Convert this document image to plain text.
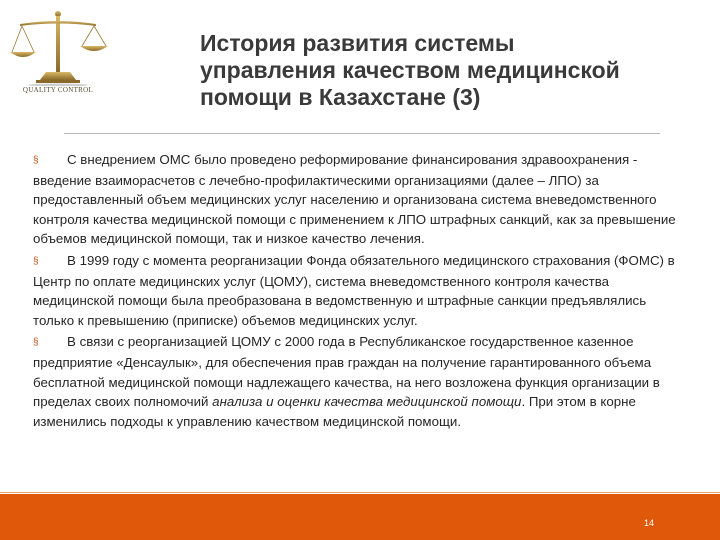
QUALITY CONTROL
История развития системы
управления качеством медицинской
помощи в Казахстане (3)

§ С внедрением ОМС было проведено реформирование финансирования здравоохранения - введение взаиморасчетов с лечебно-профилактическими организациями (далее – ЛПО) за предоставленный объем медицинских услуг населению и организована система вневедомственного контроля качества медицинской помощи с применением к ЛПО штрафных санкций, как за превышение объемов медицинской помощи, так и низкое качество лечения.

§ В 1999 году с момента реорганизации Фонда обязательного медицинского страхования (ФОМС) в Центр по оплате медицинских услуг (ЦОМУ), система вневедомственного контроля качества медицинской помощи была преобразована в ведомственную и штрафные санкции предъявлялись только к превышению (приписке) объемов медицинских услуг.

§ В связи с реорганизацией ЦОМУ с 2000 года в Республиканское государственное казенное предприятие «Денсаулык», для обеспечения прав граждан на получение гарантированного объема бесплатной медицинской помощи надлежащего качества, на него возложена функция организации в пределах своих полномочий анализа и оценки качества медицинской помощи. При этом в корне изменились подходы к управлению качеством медицинской помощи.

14
